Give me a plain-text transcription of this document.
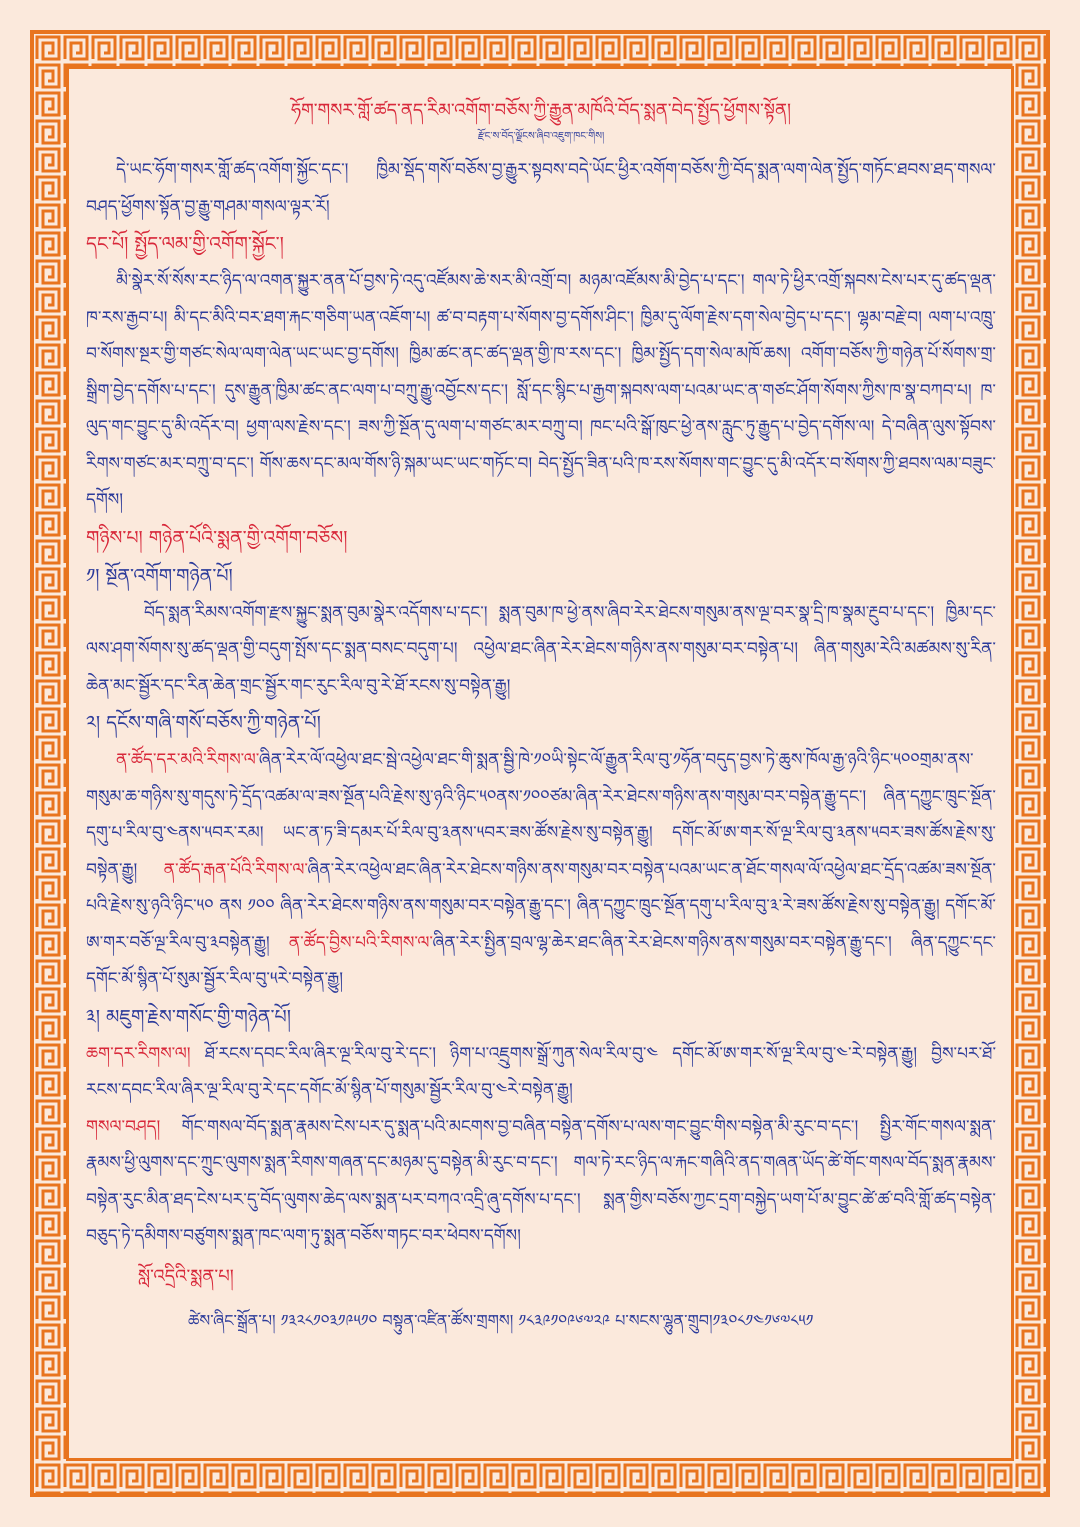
ཧོག་གསར་གློ་ཚད་ནད་རིམ་འགོག་བཅོས་ཀྱི་རྒྱུན་མཁོའི་བོད་སྨན་བེད་སྤྱོད་ཕྱོགས་སྟོན།
རྫོང་ས་བོད་ལྗོངས་ཞིབ་འཇུག་ཁང་གིས།

དེ་ཡང་ཧོག་གསར་གློ་ཚད་འགོག་སྐྱོང་དང་། ཁྱིམ་སྡོད་གསོ་བཅོས་བྱ་རྒྱུར་སྟབས་བདེ་ཡོང་ཕྱིར་འགོག་བཅོས་ཀྱི་བོད་སྨན་ལག་ལེན་སྤྱོད་གཏོང་ཐབས་ཐད་གསལ་བཤད་ཕྱོགས་སྟོན་བྱ་རྒྱུ་གཤམ་གསལ་ལྟར་རོ།

དང་པོ། སྤྱོད་ལམ་གྱི་འགོག་སྐྱོང་།

མི་སྣེར་སོ་སོས་རང་ཉིད་ལ་འགན་སྐྱུར་ནན་པོ་བྱས་ཏེ་འདུ་འཛོམས་ཆེ་སར་མི་འགྲོ་བ། མཉམ་འཛོམས་མི་བྱེད་པ་དང་། གལ་ཏེ་ཕྱིར་འགྲོ་སྐབས་ངེས་པར་དུ་ཚད་ལྡན་ཁ་རས་རྒྱབ་པ། མི་དང་མིའི་བར་ཐག་རྐང་གཅིག་ཡན་འཇོག་པ། ཚ་བ་བརྟག་པ་སོགས་བྱ་དགོས་ཤིང་། ཁྱིམ་དུ་ལོག་རྗེས་དག་སེལ་བྱེད་པ་དང་། ལྷམ་བརྗེ་བ། ལག་པ་འཁྲུ་བ་སོགས་སྔར་གྱི་གཙང་སེལ་ལག་ལེན་ཡང་ཡང་བྱ་དགོས། ཁྱིམ་ཚང་ནང་ཚད་ལྡན་གྱི་ཁ་རས་དང་། ཁྱིམ་སྤྱོད་དག་སེལ་མཁོ་ཆས། འགོག་བཅོས་ཀྱི་གཉེན་པོ་སོགས་གྲ་སྒྲིག་བྱེད་དགོས་པ་དང་། དུས་རྒྱུན་ཁྱིམ་ཚང་ནང་ལག་པ་བཀྲུ་རྒྱུ་འབྱོངས་དང་། སློ་དང་སྙིང་པ་རྒྱག་སྐབས་ལག་པའམ་ཡང་ན་གཙང་ཤོག་སོགས་ཀྱིས་ཁ་སྣ་བཀབ་པ། ཁ་ལུད་གང་བྱུང་དུ་མི་འདོར་བ། ཕྱག་ལས་རྗེས་དང་། ཟས་ཀྱི་སྔོན་དུ་ལག་པ་གཙང་མར་བཀྲུ་བ། ཁང་པའི་སྒོ་ཁུང་ཕྱེ་ནས་རླུང་ཏུ་རྒྱུད་པ་བྱེད་དགོས་ལ། དེ་བཞིན་ལུས་སྟོབས་རིགས་གཙང་མར་བཀྲུ་བ་དང་། གོས་ཆས་དང་མལ་གོས་ཉི་སྐམ་ཡང་ཡང་གཏོང་བ། བེད་སྤྱོད་ཟིན་པའི་ཁ་རས་སོགས་གང་བྱུང་དུ་མི་འདོར་བ་སོགས་ཀྱི་ཐབས་ལམ་བཟུང་དགོས།

གཉིས་པ། གཉེན་པོའི་སྨན་གྱི་འགོག་བཅོས།
༡། སྔོན་འགོག་གཉེན་པོ།

བོད་སྨན་རིམས་འགོག་རྫས་སྐྱུང་སྨན་བུམ་སྣེར་འདོགས་པ་དང་། སྨན་བུམ་ཁ་ཕྱེ་ནས་ཞིབ་རེར་ཐེངས་གསུམ་ནས་ལྔ་བར་སྣ་དྲི་ཁ་སྣམ་རྔུབ་པ་དང་། ཁྱིམ་དང་ལས་ཤག་སོགས་སུ་ཚད་ལྡན་གྱི་བདུག་སྤོས་དང་སྨན་བསང་བདུག་པ། འཕྱེལ་ཐང་ཞིན་རེར་ཐེངས་གཉིས་ནས་གསུམ་བར་བསྟེན་པ། ཞིན་གསུམ་རེའི་མཚམས་སུ་རིན་ཆེན་མང་སྦྱོར་དང་རིན་ཆེན་གྲང་སྦྱོར་གང་རུང་རིལ་བུ་རེ་ཐོ་རངས་སུ་བསྟེན་རྒྱུ།

༢། དངོས་གཞི་གསོ་བཅོས་ཀྱི་གཉེན་པོ།

ན་ཚོད་དར་མའི་རིགས་ལ་ཞིན་རེར་ལོ་འཕྱེལ་ཐང་སྦེ་འཕྱེལ་ཐང་གི་སྨན་སྦྱི་ཁེ་༡༠ཡི་སྟེང་ལོ་རྒྱུན་རིལ་བུ་༡ཧོན་བདུད་བྱས་ཏེ་ཆུས་ཁོལ་རྒྱ་ཉའི་ཉིང་༥༠༠གྲམ་ནས་གསུམ་ཆ་གཉིས་སུ་གདུས་ཏེ་དྲོད་འཚམ་ལ་ཟས་སྔོན་པའི་རྗེས་སུ་ཉའི་ཉིང་༥༠ནས་༡༠༠ཙམ་ཞིན་རེར་ཐེངས་གཉིས་ནས་གསུམ་བར་བསྟེན་རྒྱུ་དང་། ཞིན་དཀྱུང་ཁྲུང་སྔོན་དགུ་པ་རིལ་བུ་༤ནས་༥བར་རམ། ཡང་ན་ཏ་ཟི་དམར་པོ་རིལ་བུ་༣ནས་༥བར་ཟས་ཚོས་རྗེས་སུ་བསྟེན་རྒྱུ། དགོང་མོ་ཨ་གར་སོ་ལྔ་རིལ་བུ་༣ནས་༥བར་ཟས་ཚོས་རྗེས་སུ་བསྟེན་རྒྱུ། ན་ཚོད་རྒན་པོའི་རིགས་ལ་ཞིན་རེར་འཕྱེལ་ཐང་ཞིན་རེར་ཐེངས་གཉིས་ནས་གསུམ་བར་བསྟེན་པའམ་ཡང་ན་ཐོང་གསལ་ལོ་འཕྱེལ་ཐང་དྲོད་འཚམ་ཟས་སྔོན་པའི་རྗེས་སུ་ཉའི་ཉིང་༥༠ ནས ༡༠༠ ཞིན་རེར་ཐེངས་གཉིས་ནས་གསུམ་བར་བསྟེན་རྒྱུ་དང་། ཞིན་དཀྱུང་ཁྲུང་སྔོན་དགུ་པ་རིལ་བུ་༣་རེ་ཟས་ཚོས་རྗེས་སུ་བསྟེན་རྒྱུ། དགོང་མོ་ཨ་གར་བཅོ་ལྔ་རིལ་བུ་༣བསྟེན་རྒྱུ། ན་ཚོད་བྱིས་པའི་རིགས་ལ་ཞིན་རེར་སྤྱིན་བྲལ་ལྷ་ཆེར་ཐང་ཞིན་རེར་ཐེངས་གཉིས་ནས་གསུམ་བར་བསྟེན་རྒྱུ་དང་། ཞིན་དཀྱུང་དང་དགོང་མོ་སྙིན་པོ་སུམ་སྦྱོར་རིལ་བུ་༥རེ་བསྟེན་རྒྱུ།

༣། མཇུག་རྗེས་གསོང་གྱི་གཉེན་པོ།

ཆག་དར་རིགས་ལ། ཐོ་རངས་དབང་རིལ་ཞིར་ལྔ་རིལ་བུ་རེ་དང་། ཉིག་པ་འཇྲུགས་སྒྲོ་ཀུན་སེལ་རིལ་བུ་༤ དགོང་མོ་ཨ་གར་སོ་ལྔ་རིལ་བུ་༤་རེ་བསྟེན་རྒྱུ། བྱིས་པར་ཐོ་རངས་དབང་རིལ་ཞིར་ལྔ་རིལ་བུ་རེ་དང་དགོང་མོ་སྙིན་པོ་གསུམ་སྦྱོར་རིལ་བུ་༤རེ་བསྟེན་རྒྱུ།

གསལ་བཤད། གོང་གསལ་བོད་སྨན་རྣམས་ངེས་པར་དུ་སྨན་པའི་མངགས་བྱ་བཞིན་བསྟེན་དགོས་པ་ལས་གང་བྱུང་གིས་བསྟེན་མི་རུང་བ་དང་། སྤྱིར་གོང་གསལ་སྨན་རྣམས་ཕྱི་ལུགས་དང་ཀྲུང་ལུགས་སྨན་རིགས་གཞན་དང་མཉམ་དུ་བསྟེན་མི་རུང་བ་དང་། གལ་ཏེ་རང་ཉིད་ལ་རྐང་གཞིའི་ནད་གཞན་ཡོད་ཚེ་གོང་གསལ་བོད་སྨན་རྣམས་བསྟེན་རུང་མིན་ཐད་ངེས་པར་དུ་བོད་ལུགས་ཆེད་ལས་སྨན་པར་བཀའ་འདྲི་ཞུ་དགོས་པ་དང་། སྨན་གྱིས་བཅོས་ཀྱང་དྲག་བསྐྱེད་ཡག་པོ་མ་བྱུང་ཚེ་ཚ་བའི་གློ་ཚད་བསྟེན་བཅུད་ཏེ་དམིགས་བཙུགས་སྨན་ཁང་ལག་ཏུ་སྨན་བཅོས་གཏང་བར་ཕེབས་དགོས།

སློ་འདྲིའི་སྨན་པ།
ཚེས་ཞིང་སྒྲོན་པ། ༡༣༢༨༡༠༣༡༩༥༡༠ བསྟུན་འཛིན་ཚོས་གྲགས། ༡༨༣༩༡༠༩༦༧༢༩ པ་སངས་ལྷུན་གྲུབ།༡༣༠༨༡༤༡༦༧༨༥༡
